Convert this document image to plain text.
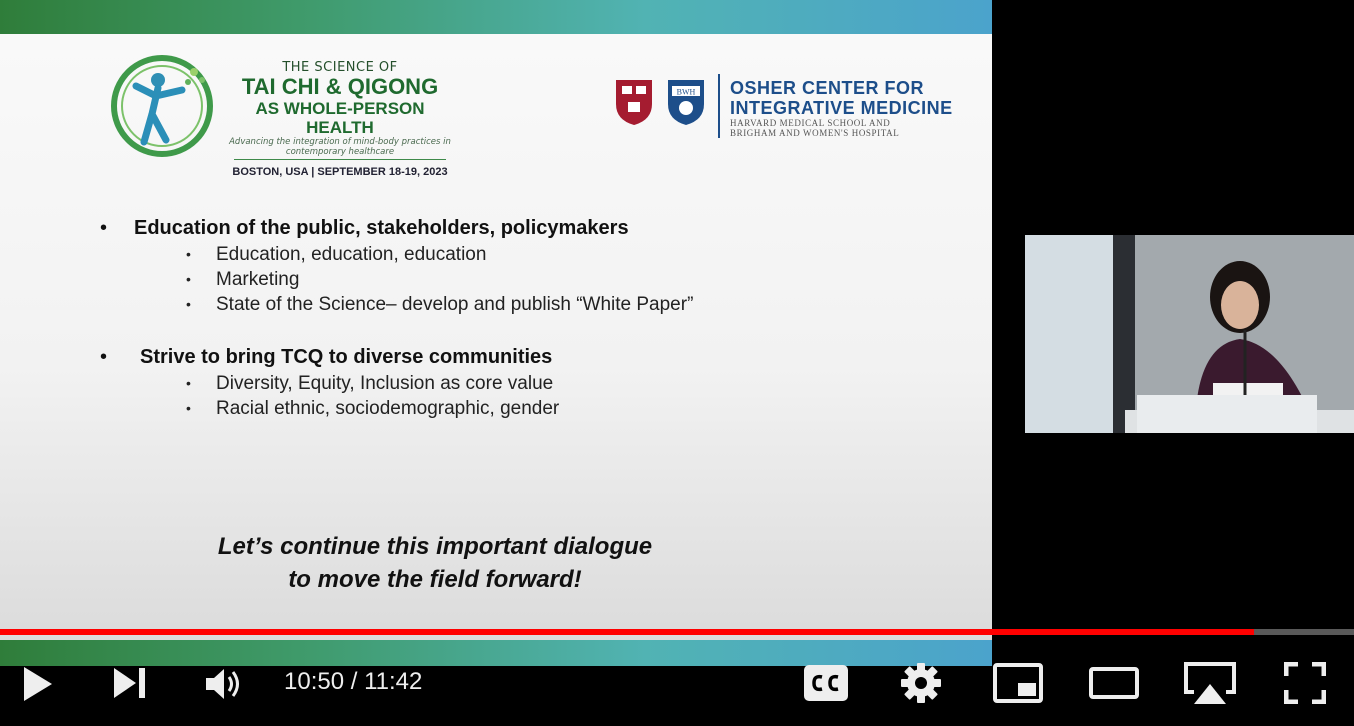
THE SCIENCE OF
TAI CHI & QIGONG
AS WHOLE-PERSON HEALTH
Advancing the integration of mind-body practices in
contemporary healthcare
BOSTON, USA | SEPTEMBER 18-19, 2023
BWH OSHER CENTER FOR
INTEGRATIVE MEDICINE
HARVARD MEDICAL SCHOOL AND
BRIGHAM AND WOMEN'S HOSPITAL
• Education of the public, stakeholders, policymakers
• Education, education, education
• Marketing
• State of the Science– develop and publish “White Paper”
• Strive to bring TCQ to diverse communities
• Diversity, Equity, Inclusion as core value
• Racial ethnic, sociodemographic, gender
Let’s continue this important dialogue
to move the field forward!
10:50 / 11:42
